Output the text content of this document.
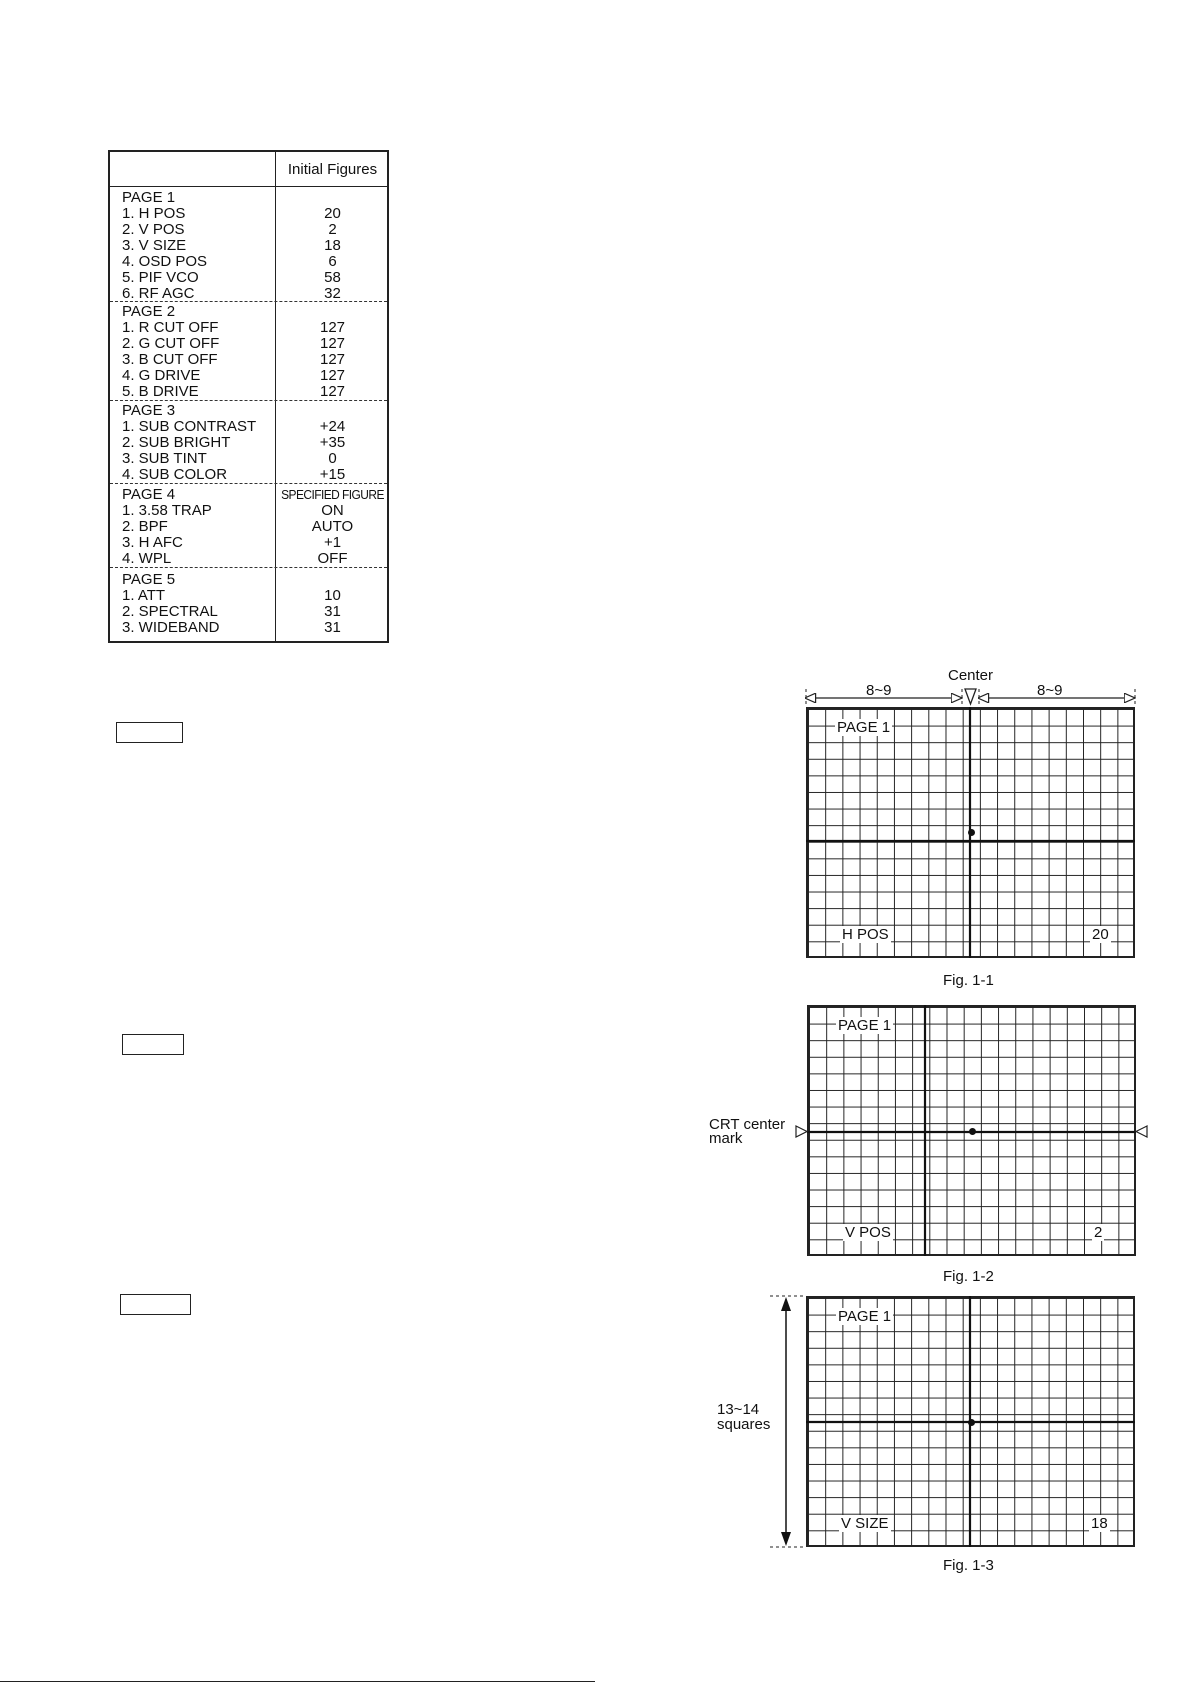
Initial Figures
PAGE 1
1. H POS	20
2. V POS	2
3. V SIZE	18
4. OSD POS	6
5. PIF VCO	58
6. RF AGC	32
PAGE 2
1. R CUT OFF	127
2. G CUT OFF	127
3. B CUT OFF	127
4. G DRIVE	127
5. B DRIVE	127
PAGE 3
1. SUB CONTRAST	+24
2. SUB BRIGHT	+35
3. SUB TINT	0
4. SUB COLOR	+15
PAGE 4	SPECIFIED FIGURE
1. 3.58 TRAP	ON
2. BPF	AUTO
3. H AFC	+1
4. WPL	OFF
PAGE 5
1. ATT	10
2. SPECTRAL	31
3. WIDEBAND	31
PAGE 1
H POS	20
Center
8~9	8~9
Fig. 1-1
PAGE 1
V POS	2
CRT center
mark
Fig. 1-2
PAGE 1
V SIZE	18
13~14
squares
Fig. 1-3
